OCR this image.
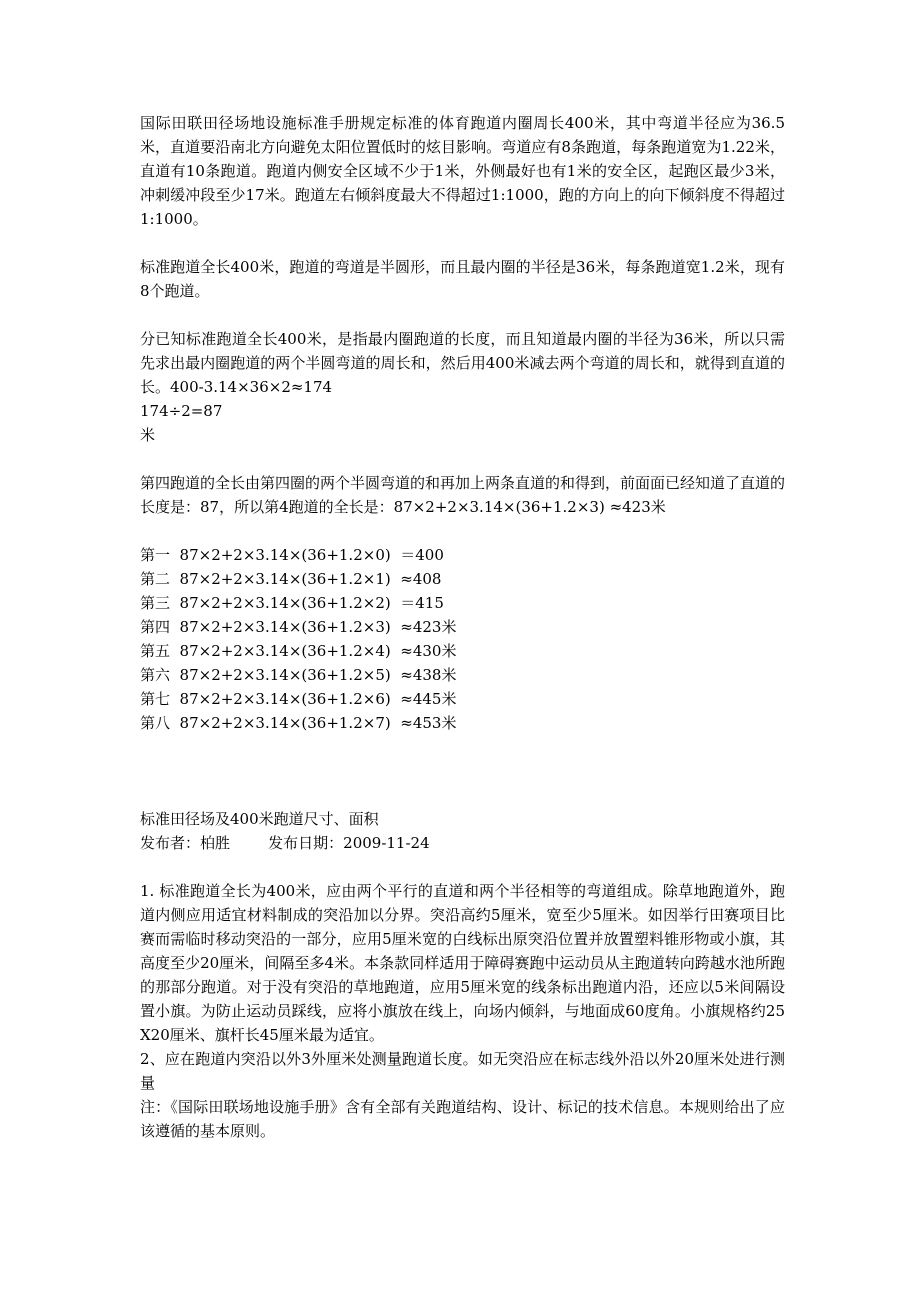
国际田联田径场地设施标准手册规定标准的体育跑道内圈周长400米，其中弯道半径应为36.5米，直道要沿南北方向避免太阳位置低时的炫目影响。弯道应有8条跑道，每条跑道宽为1.22米，直道有10条跑道。跑道内侧安全区域不少于1米，外侧最好也有1米的安全区，起跑区最少3米，冲刺缓冲段至少17米。跑道左右倾斜度最大不得超过1:1000，跑的方向上的向下倾斜度不得超过1:1000。

标准跑道全长400米，跑道的弯道是半圆形，而且最内圈的半径是36米，每条跑道宽1.2米，现有8个跑道。

分已知标准跑道全长400米，是指最内圈跑道的长度，而且知道最内圈的半径为36米，所以只需先求出最内圈跑道的两个半圆弯道的周长和，然后用400米减去两个弯道的周长和，就得到直道的长。400-3.14×36×2≈174
174÷2=87
米

第四跑道的全长由第四圈的两个半圆弯道的和再加上两条直道的和得到，前面面已经知道了直道的长度是：87，所以第4跑道的全长是：87×2+2×3.14×(36+1.2×3) ≈423米

第一  87×2+2×3.14×(36+1.2×0)  ＝400
第二  87×2+2×3.14×(36+1.2×1)  ≈408
第三  87×2+2×3.14×(36+1.2×2)  ＝415
第四  87×2+2×3.14×(36+1.2×3)  ≈423米
第五  87×2+2×3.14×(36+1.2×4)  ≈430米
第六  87×2+2×3.14×(36+1.2×5)  ≈438米
第七  87×2+2×3.14×(36+1.2×6)  ≈445米
第八  87×2+2×3.14×(36+1.2×7)  ≈453米
标准田径场及400米跑道尺寸、面积
发布者：柏胜        发布日期：2009-11-24

1. 标准跑道全长为400米，应由两个平行的直道和两个半径相等的弯道组成。除草地跑道外，跑道内侧应用适宜材料制成的突沿加以分界。突沿高约5厘米，宽至少5厘米。如因举行田赛项目比赛而需临时移动突沿的一部分，应用5厘米宽的白线标出原突沿位置并放置塑料锥形物或小旗，其高度至少20厘米，间隔至多4米。本条款同样适用于障碍赛跑中运动员从主跑道转向跨越水池所跑的那部分跑道。对于没有突沿的草地跑道，应用5厘米宽的线条标出跑道内沿，还应以5米间隔设置小旗。为防止运动员踩线，应将小旗放在线上，向场内倾斜，与地面成60度角。小旗规格约25X20厘米、旗杆长45厘米最为适宜。

2、应在跑道内突沿以外3外厘米处测量跑道长度。如无突沿应在标志线外沿以外20厘米处进行测量

注：《国际田联场地设施手册》含有全部有关跑道结构、设计、标记的技术信息。本规则给出了应该遵循的基本原则。
